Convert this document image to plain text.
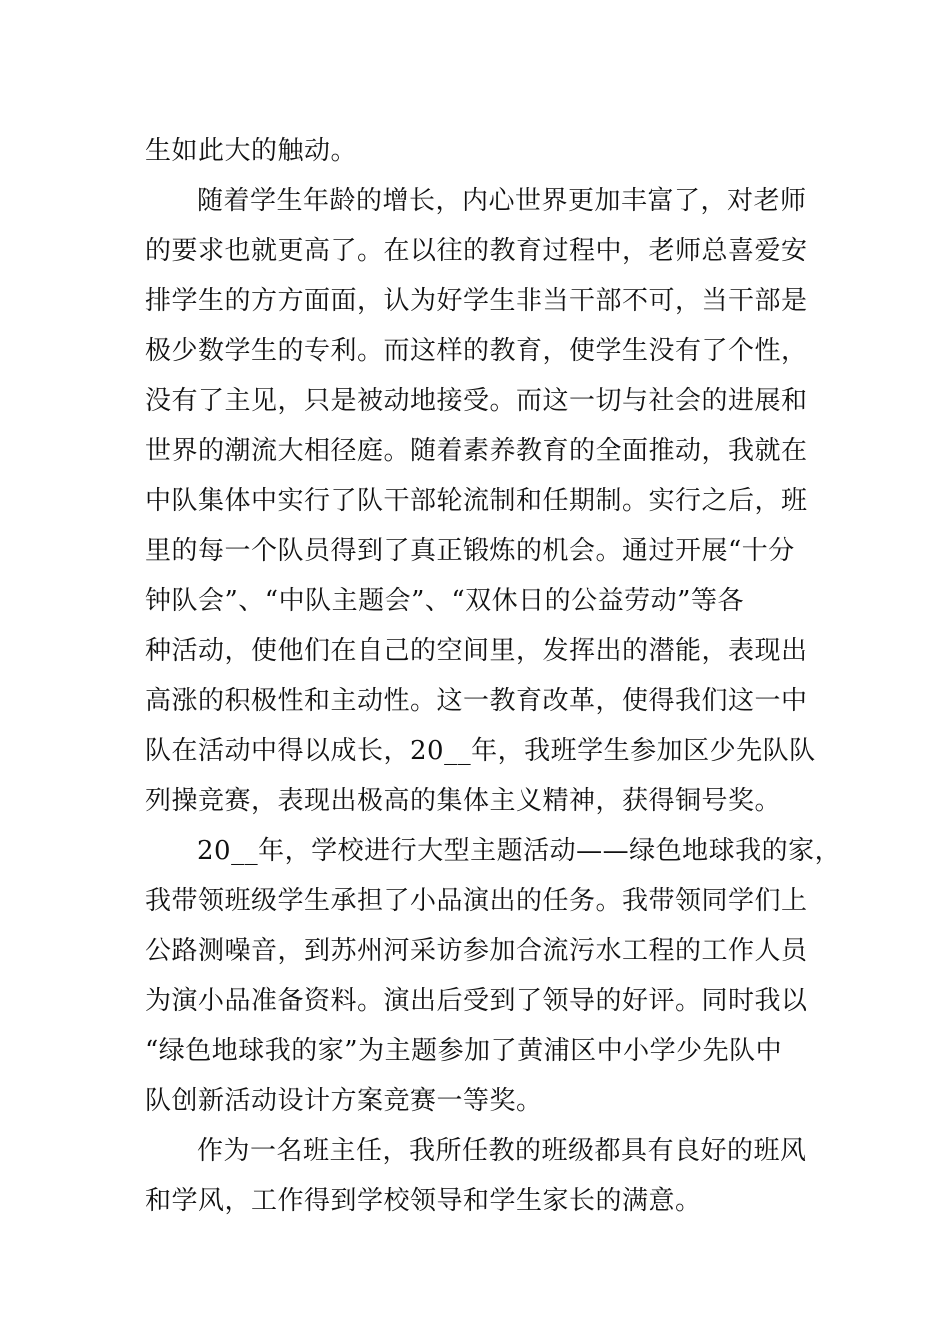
生如此大的触动。
随着学生年龄的增长，内心世界更加丰富了，对老师
的要求也就更高了。在以往的教育过程中，老师总喜爱安
排学生的方方面面，认为好学生非当干部不可，当干部是
极少数学生的专利。而这样的教育，使学生没有了个性，
没有了主见，只是被动地接受。而这一切与社会的进展和
世界的潮流大相径庭。随着素养教育的全面推动，我就在
中队集体中实行了队干部轮流制和任期制。实行之后，班
里的每一个队员得到了真正锻炼的机会。通过开展“十分
钟队会”、“中队主题会”、“双休日的公益劳动”等各
种活动，使他们在自己的空间里，发挥出的潜能，表现出
高涨的积极性和主动性。这一教育改革，使得我们这一中
队在活动中得以成长，20__年，我班学生参加区少先队队
列操竞赛，表现出极高的集体主义精神，获得铜号奖。
20__年，学校进行大型主题活动——绿色地球我的家，
我带领班级学生承担了小品演出的任务。我带领同学们上
公路测噪音，到苏州河采访参加合流污水工程的工作人员
为演小品准备资料。演出后受到了领导的好评。同时我以
“绿色地球我的家”为主题参加了黄浦区中小学少先队中
队创新活动设计方案竞赛一等奖。
作为一名班主任，我所任教的班级都具有良好的班风
和学风，工作得到学校领导和学生家长的满意。
